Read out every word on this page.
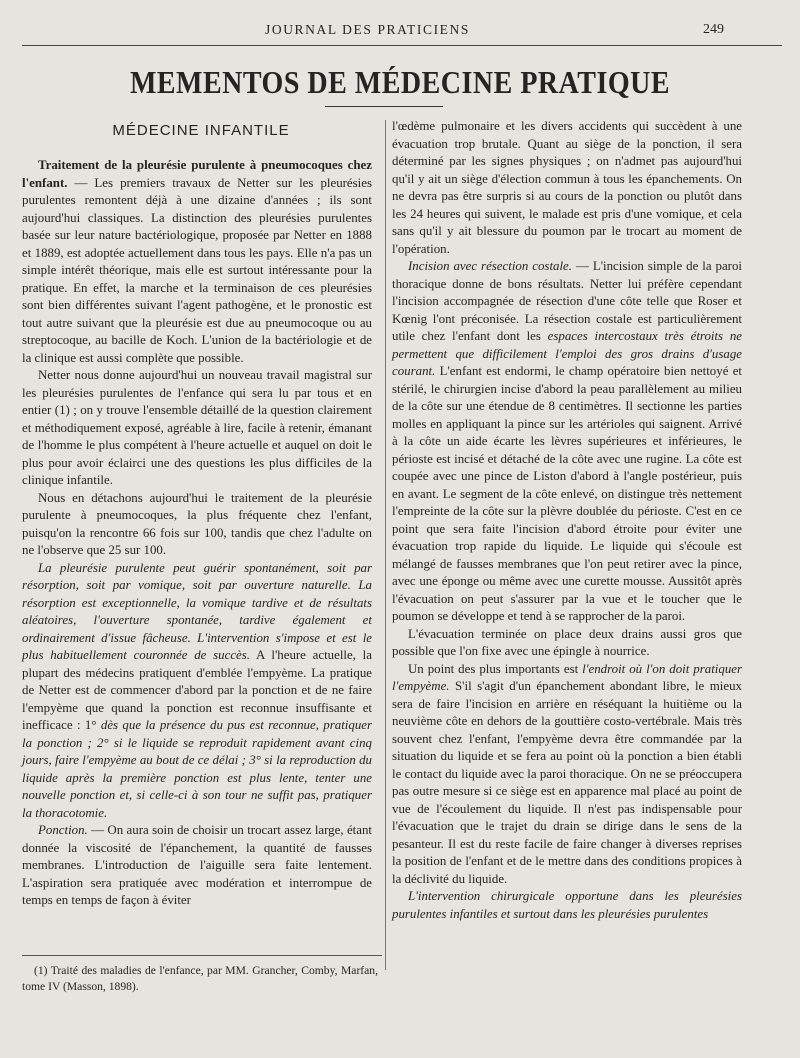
JOURNAL DES PRATICIENS	249
MEMENTOS DE MÉDECINE PRATIQUE
MÉDECINE INFANTILE

Traitement de la pleurésie purulente à pneumocoques chez l'enfant. — Les premiers travaux de Netter sur les pleurésies purulentes remontent déjà à une dizaine d'années ; ils sont aujourd'hui classiques. La distinction des pleurésies purulentes basée sur leur nature bactériologique, proposée par Netter en 1888 et 1889, est adoptée actuellement dans tous les pays. Elle n'a pas un simple intérêt théorique, mais elle est surtout intéressante pour la pratique. En effet, la marche et la terminaison de ces pleurésies sont bien différentes suivant l'agent pathogène, et le pronostic est tout autre suivant que la pleurésie est due au pneumocoque ou au streptocoque, au bacille de Koch. L'union de la bactériologie et de la clinique est aussi complète que possible.

Netter nous donne aujourd'hui un nouveau travail magistral sur les pleurésies purulentes de l'enfance qui sera lu par tous et en entier (1) ; on y trouve l'ensemble détaillé de la question clairement et méthodiquement exposé, agréable à lire, facile à retenir, émanant de l'homme le plus compétent à l'heure actuelle et auquel on doit le plus pour avoir éclairci une des questions les plus difficiles de la clinique infantile.

Nous en détachons aujourd'hui le traitement de la pleurésie purulente à pneumocoques, la plus fréquente chez l'enfant, puisqu'on la rencontre 66 fois sur 100, tandis que chez l'adulte on ne l'observe que 25 sur 100.

La pleurésie purulente peut guérir spontanément, soit par résorption, soit par vomique, soit par ouverture naturelle. La résorption est exceptionnelle, la vomique tardive et de résultats aléatoires, l'ouverture spontanée, tardive également et ordinairement d'issue fâcheuse. L'intervention s'impose et est le plus habituellement couronnée de succès. A l'heure actuelle, la plupart des médecins pratiquent d'emblée l'empyème. La pratique de Netter est de commencer d'abord par la ponction et de ne faire l'empyème que quand la ponction est reconnue insuffisante et inefficace : 1° dès que la présence du pus est reconnue, pratiquer la ponction ; 2° si le liquide se reproduit rapidement avant cinq jours, faire l'empyème au bout de ce délai ; 3° si la reproduction du liquide après la première ponction est plus lente, tenter une nouvelle ponction et, si celle-ci à son tour ne suffit pas, pratiquer la thoracotomie.

Ponction. — On aura soin de choisir un trocart assez large, étant donnée la viscosité de l'épanchement, la quantité de fausses membranes. L'introduction de l'aiguille sera faite lentement. L'aspiration sera pratiquée avec modération et interrompue de temps en temps de façon à éviter

l'œdème pulmonaire et les divers accidents qui succèdent à une évacuation trop brutale. Quant au siège de la ponction, il sera déterminé par les signes physiques ; on n'admet pas aujourd'hui qu'il y ait un siège d'élection commun à tous les épanchements. On ne devra pas être surpris si au cours de la ponction ou plutôt dans les 24 heures qui suivent, le malade est pris d'une vomique, et cela sans qu'il y ait blessure du poumon par le trocart au moment de l'opération.

Incision avec résection costale. — L'incision simple de la paroi thoracique donne de bons résultats. Netter lui préfère cependant l'incision accompagnée de résection d'une côte telle que Roser et Kœnig l'ont préconisée. La résection costale est particulièrement utile chez l'enfant dont les espaces intercostaux très étroits ne permettent que difficilement l'emploi des gros drains d'usage courant. L'enfant est endormi, le champ opératoire bien nettoyé et stérilé, le chirurgien incise d'abord la peau parallèlement au milieu de la côte sur une étendue de 8 centimètres. Il sectionne les parties molles en appliquant la pince sur les artérioles qui saignent. Arrivé à la côte un aide écarte les lèvres supérieures et inférieures, le périoste est incisé et détaché de la côte avec une rugine. La côte est coupée avec une pince de Liston d'abord à l'angle postérieur, puis en avant. Le segment de la côte enlevé, on distingue très nettement l'empreinte de la côte sur la plèvre doublée du périoste. C'est en ce point que sera faite l'incision d'abord étroite pour éviter une évacuation trop rapide du liquide. Le liquide qui s'écoule est mélangé de fausses membranes que l'on peut retirer avec la pince, avec une éponge ou même avec une curette mousse. Aussitôt après l'évacuation on peut s'assurer par la vue et le toucher que le poumon se développe et tend à se rapprocher de la paroi.

L'évacuation terminée on place deux drains aussi gros que possible que l'on fixe avec une épingle à nourrice.

Un point des plus importants est l'endroit où l'on doit pratiquer l'empyème. S'il s'agit d'un épanchement abondant libre, le mieux sera de faire l'incision en arrière en réséquant la huitième ou la neuvième côte en dehors de la gouttière costo-vertébrale. Mais très souvent chez l'enfant, l'empyème devra être commandée par la situation du liquide et se fera au point où la ponction a bien établi le contact du liquide avec la paroi thoracique. On ne se préoccupera pas outre mesure si ce siège est en apparence mal placé au point de vue de l'écoulement du liquide. Il n'est pas indispensable pour l'évacuation que le trajet du drain se dirige dans le sens de la pesanteur. Il est du reste facile de faire changer à diverses reprises la position de l'enfant et de le mettre dans des conditions propices à la déclivité du liquide.

L'intervention chirurgicale opportune dans les pleurésies purulentes infantiles et surtout dans les pleurésies purulentes

(1) Traité des maladies de l'enfance, par MM. Grancher, Comby, Marfan, tome IV (Masson, 1898).
